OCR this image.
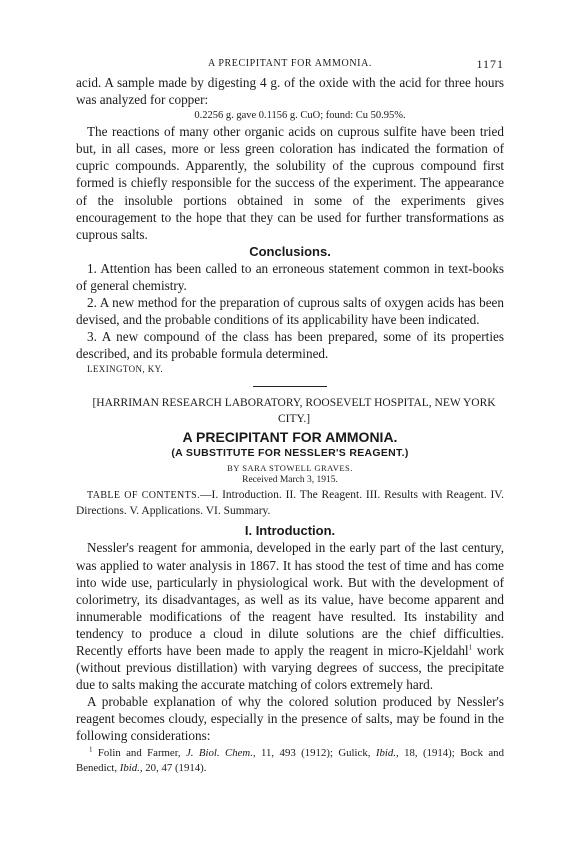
A PRECIPITANT FOR AMMONIA.	1171

acid. A sample made by digesting 4 g. of the oxide with the acid for three hours was analyzed for copper:

0.2256 g. gave 0.1156 g. CuO; found: Cu 50.95%.

The reactions of many other organic acids on cuprous sulfite have been tried but, in all cases, more or less green coloration has indicated the formation of cupric compounds. Apparently, the solubility of the cuprous compound first formed is chiefly responsible for the success of the experiment. The appearance of the insoluble portions obtained in some of the experiments gives encouragement to the hope that they can be used for further transformations as cuprous salts.

Conclusions.

1. Attention has been called to an erroneous statement common in text-books of general chemistry.

2. A new method for the preparation of cuprous salts of oxygen acids has been devised, and the probable conditions of its applicability have been indicated.

3. A new compound of the class has been prepared, some of its properties described, and its probable formula determined.

LEXINGTON, KY.
[HARRIMAN RESEARCH LABORATORY, ROOSEVELT HOSPITAL, NEW YORK CITY.]
A PRECIPITANT FOR AMMONIA.
(A SUBSTITUTE FOR NESSLER'S REAGENT.)
BY SARA STOWELL GRAVES.
Received March 3, 1915.
TABLE OF CONTENTS.—I. Introduction. II. The Reagent. III. Results with Reagent. IV. Directions. V. Applications. VI. Summary.
I. Introduction.

Nessler's reagent for ammonia, developed in the early part of the last century, was applied to water analysis in 1867. It has stood the test of time and has come into wide use, particularly in physiological work. But with the development of colorimetry, its disadvantages, as well as its value, have become apparent and innumerable modifications of the reagent have resulted. Its instability and tendency to produce a cloud in dilute solutions are the chief difficulties. Recently efforts have been made to apply the reagent in micro-Kjeldahl$^1$ work (without previous distillation) with varying degrees of success, the precipitate due to salts making the accurate matching of colors extremely hard.

A probable explanation of why the colored solution produced by Nessler's reagent becomes cloudy, especially in the presence of salts, may be found in the following considerations:

$^1$ Folin and Farmer, J. Biol. Chem., 11, 493 (1912); Gulick, Ibid., 18, (1914); Bock and Benedict, Ibid., 20, 47 (1914).
